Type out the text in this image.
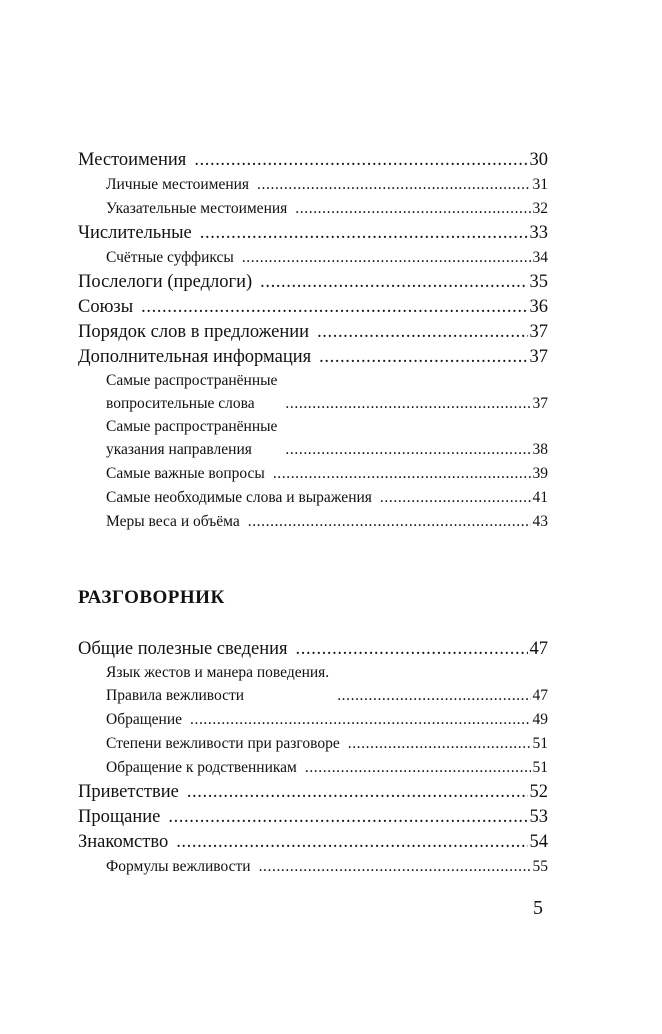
Местоимения .....	30
Личные местоимения .....	31
Указательные местоимения .....	32
Числительные .....	33
Счётные суффиксы .....	34
Послелоги (предлоги) .....	35
Союзы .....	36
Порядок слов в предложении .....	37
Дополнительная информация .....	37
Самые распространённые
вопросительные слова .....	37
Самые распространённые
указания направления .....	38
Самые важные вопросы .....	39
Самые необходимые слова и выражения .....	41
Меры веса и объёма .....	43
РАЗГОВОРНИК
Общие полезные сведения .....	47
Язык жестов и манера поведения.
Правила вежливости .....	47
Обращение .....	49
Степени вежливости при разговоре .....	51
Обращение к родственникам .....	51
Приветствие .....	52
Прощание .....	53
Знакомство .....	54
Формулы вежливости .....	55
5
